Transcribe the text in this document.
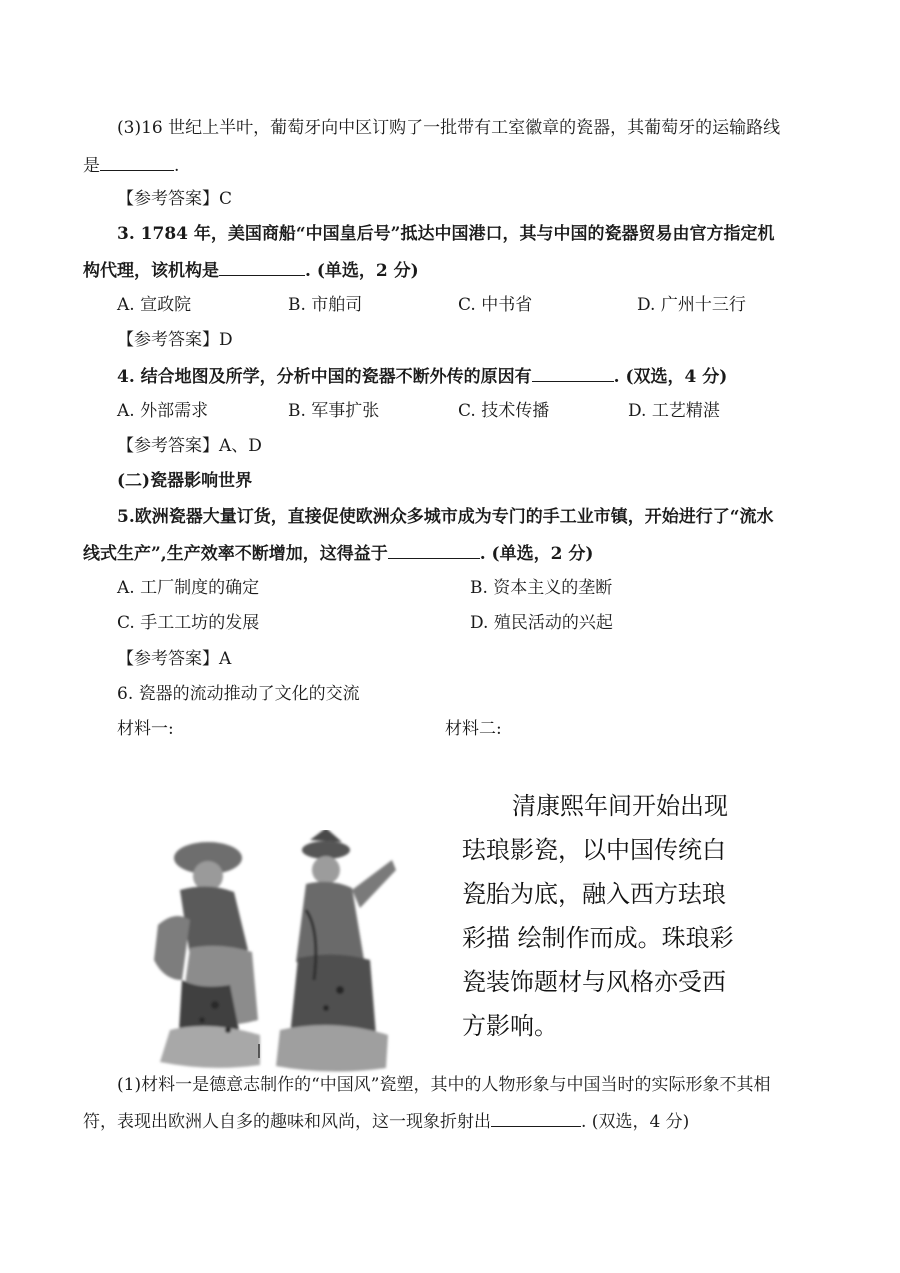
(3)16 世纪上半叶，葡萄牙向中区订购了一批带有工室徽章的瓷器，其葡萄牙的运输路线
是	.
【参考答案】C
3. 1784 年，美国商船“中国皇后号”抵达中国港口，其与中国的瓷器贸易由官方指定机
构代理，该机构是	. (单选，2 分)
A. 宣政院	B. 市舶司	C. 中书省	D. 广州十三行
【参考答案】D
4. 结合地图及所学，分析中国的瓷器不断外传的原因有	. (双选，4 分)
A. 外部需求	B. 军事扩张	C. 技术传播	D. 工艺精湛
【参考答案】A、D
(二)瓷器影响世界
5.欧洲瓷器大量订货，直接促使欧洲众多城市成为专门的手工业市镇，开始进行了“流水
线式生产”,生产效率不断增加，这得益于	. (单选，2 分)
A. 工厂制度的确定	B. 资本主义的垄断
C. 手工工坊的发展	D. 殖民活动的兴起
【参考答案】A
6. 瓷器的流动推动了文化的交流
材料一:	材料二:

清康熙年间开始出现

珐琅影瓷，以中国传统白

瓷胎为底，融入西方珐琅

彩描 绘制作而成。珠琅彩

瓷装饰题材与风格亦受西

方影响。

(1)材料一是德意志制作的“中国风”瓷塑，其中的人物形象与中国当时的实际形象不其相
符，表现出欧洲人自多的趣味和风尚，这一现象折射出	. (双选，4 分)
